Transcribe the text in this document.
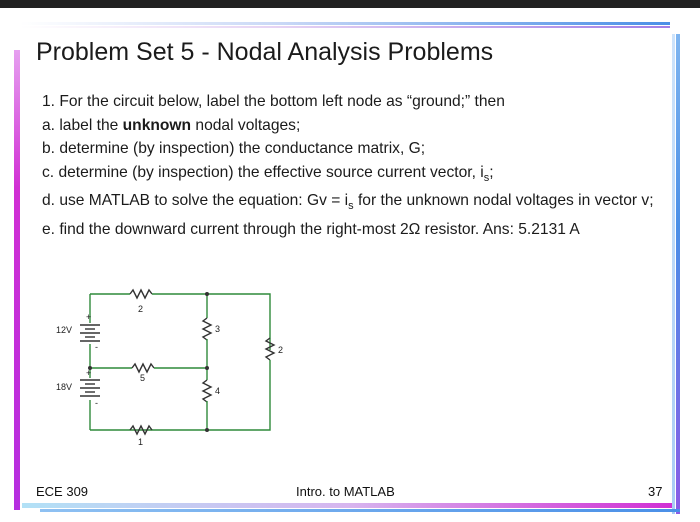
Problem Set 5 - Nodal Analysis Problems
1. For the circuit below, label the bottom left node as “ground;” then
a. label the unknown nodal voltages;
b. determine (by inspection) the conductance matrix, G;
c. determine (by inspection) the effective source current vector, $i_s$;
d. use MATLAB to solve the equation: $Gv = i_s$ for the unknown nodal voltages in vector v;
e. find the downward current through the right-most 2Ω resistor. Ans: 5.2131 A
12V
+
-
18V
+
-
2
5
1
3
4
2
ECE 309	Intro. to MATLAB	37
